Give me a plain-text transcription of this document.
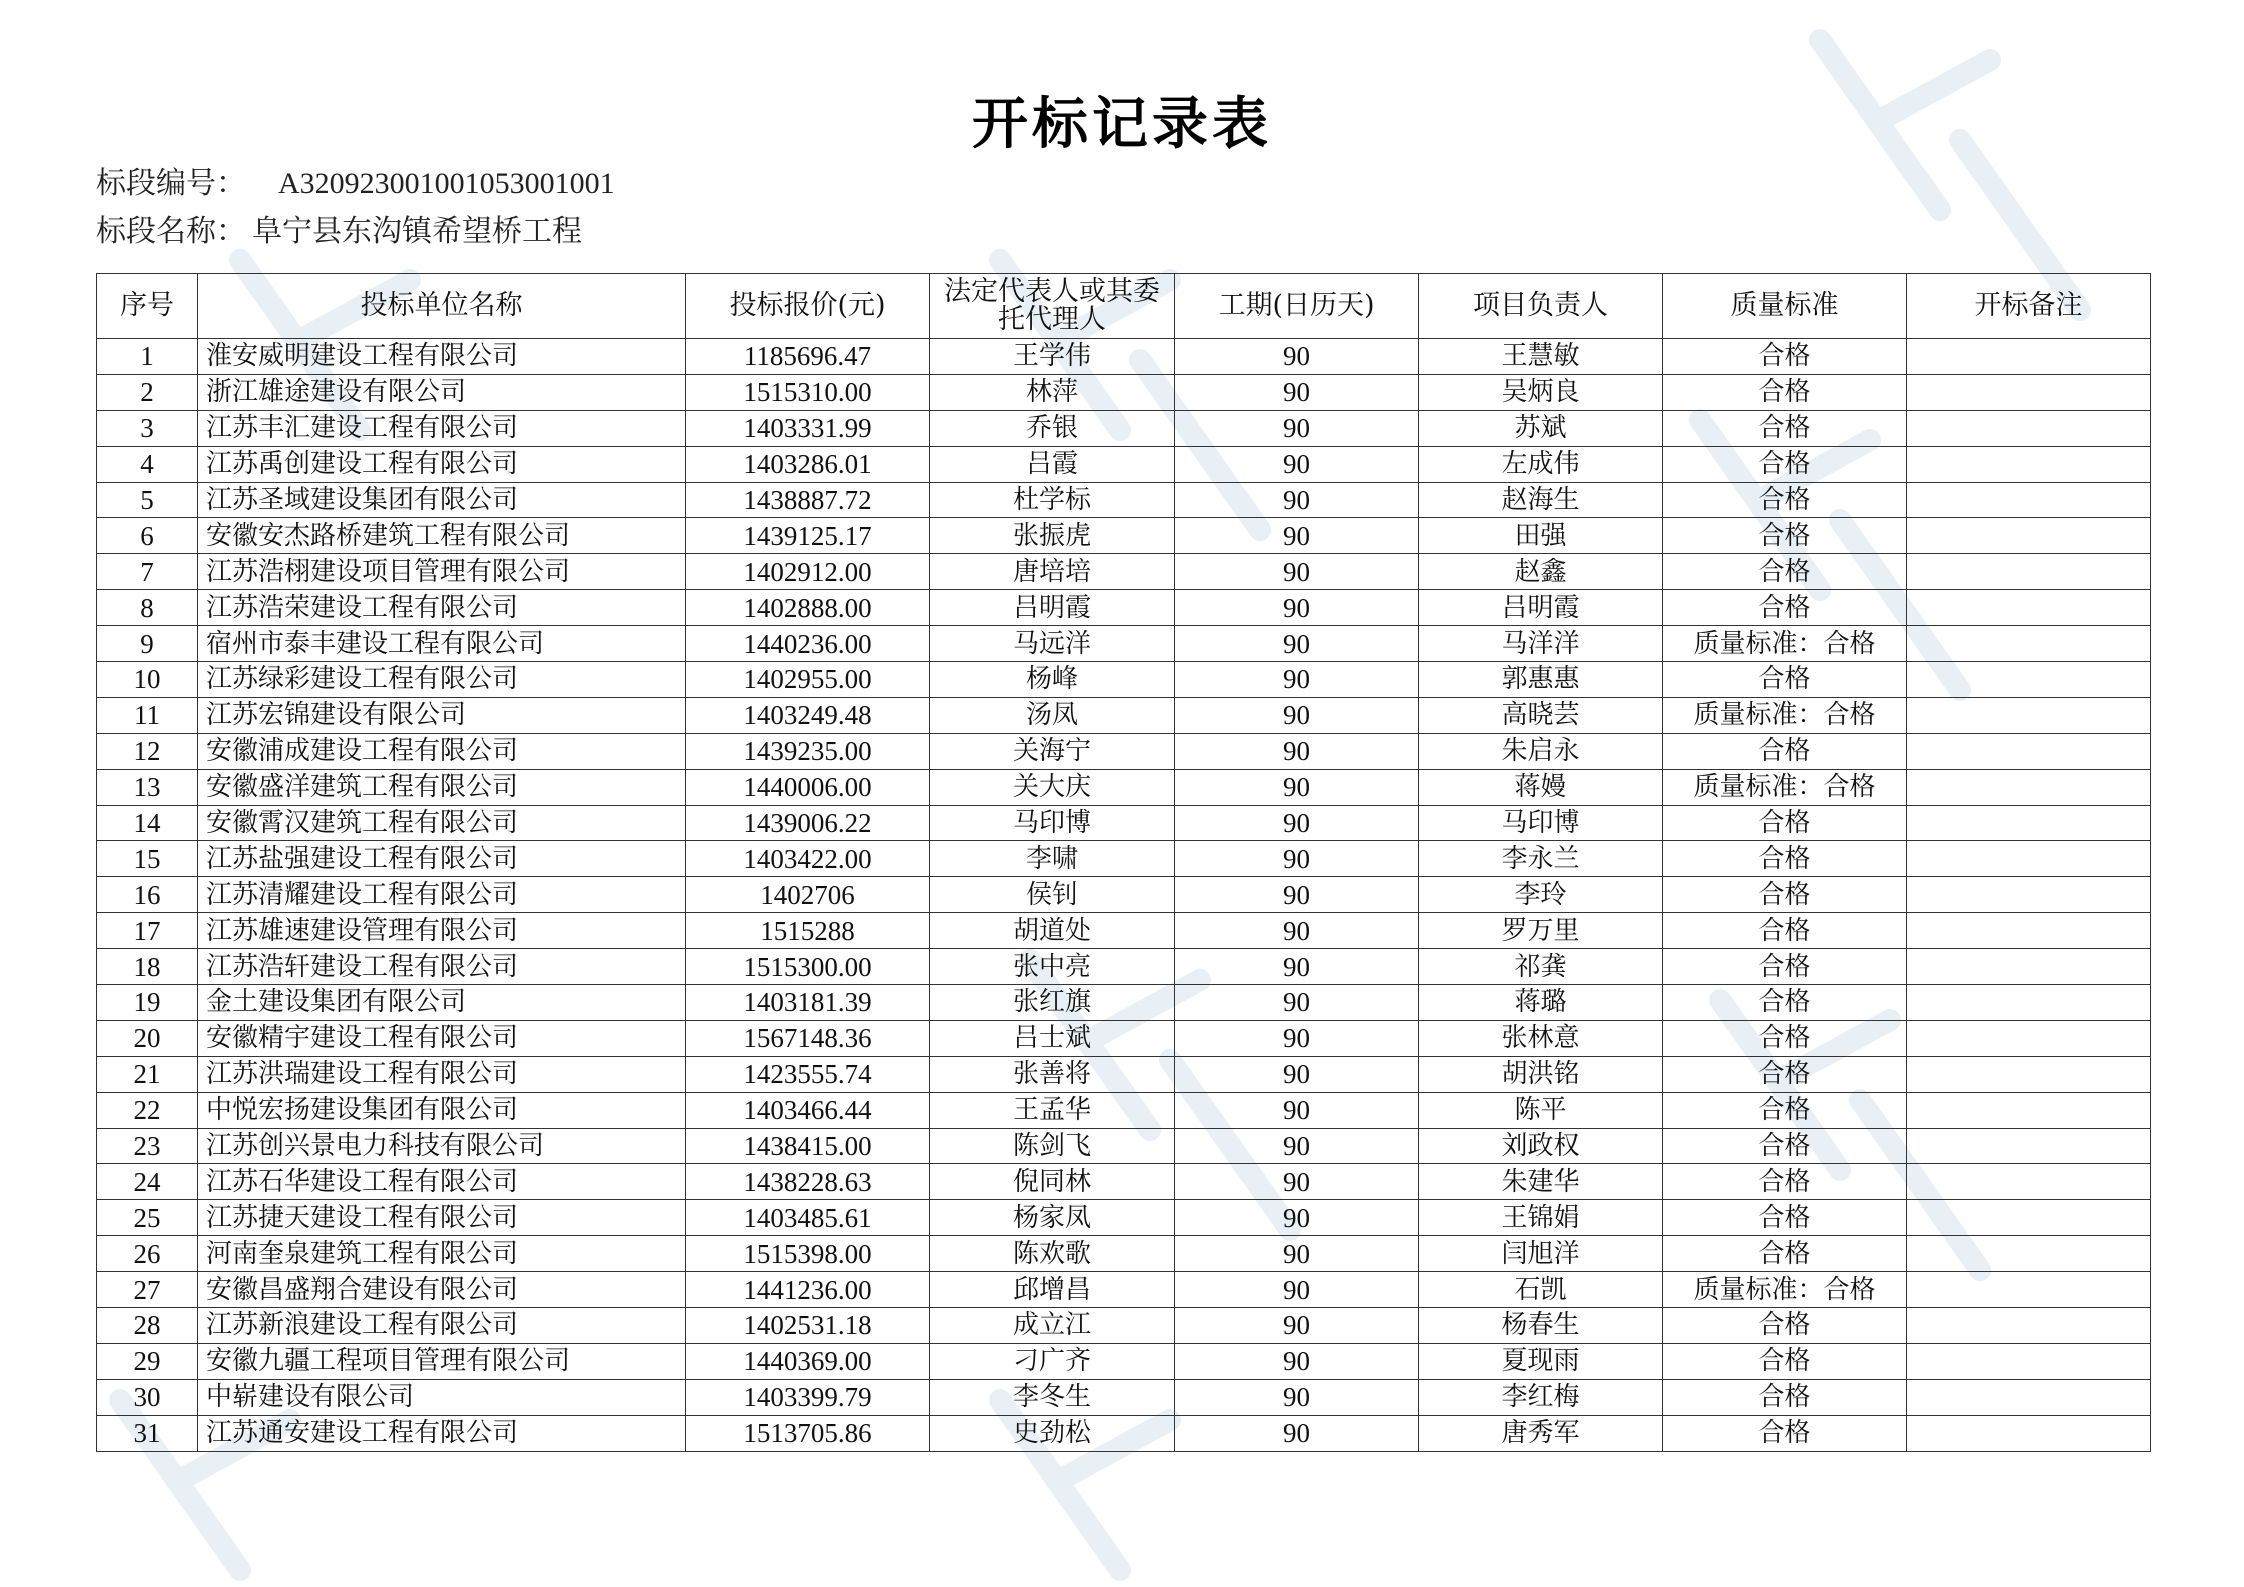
开标记录表
标段编号： A320923001001053001001
标段名称： 阜宁县东沟镇希望桥工程
序号	投标单位名称	投标报价(元)	法定代表人或其委托代理人	工期(日历天)	项目负责人	质量标准	开标备注
1	淮安威明建设工程有限公司	1185696.47	王学伟	90	王慧敏	合格	
2	浙江雄途建设有限公司	1515310.00	林萍	90	吴炳良	合格	
3	江苏丰汇建设工程有限公司	1403331.99	乔银	90	苏斌	合格	
4	江苏禹创建设工程有限公司	1403286.01	吕霞	90	左成伟	合格	
5	江苏圣域建设集团有限公司	1438887.72	杜学标	90	赵海生	合格	
6	安徽安杰路桥建筑工程有限公司	1439125.17	张振虎	90	田强	合格	
7	江苏浩栩建设项目管理有限公司	1402912.00	唐培培	90	赵鑫	合格	
8	江苏浩荣建设工程有限公司	1402888.00	吕明霞	90	吕明霞	合格	
9	宿州市泰丰建设工程有限公司	1440236.00	马远洋	90	马洋洋	质量标准：合格	
10	江苏绿彩建设工程有限公司	1402955.00	杨峰	90	郭惠惠	合格	
11	江苏宏锦建设有限公司	1403249.48	汤凤	90	高晓芸	质量标准：合格	
12	安徽浦成建设工程有限公司	1439235.00	关海宁	90	朱启永	合格	
13	安徽盛洋建筑工程有限公司	1440006.00	关大庆	90	蒋嫚	质量标准：合格	
14	安徽霄汉建筑工程有限公司	1439006.22	马印博	90	马印博	合格	
15	江苏盐强建设工程有限公司	1403422.00	李啸	90	李永兰	合格	
16	江苏清耀建设工程有限公司	1402706	侯钊	90	李玲	合格	
17	江苏雄速建设管理有限公司	1515288	胡道处	90	罗万里	合格	
18	江苏浩轩建设工程有限公司	1515300.00	张中亮	90	祁龚	合格	
19	金土建设集团有限公司	1403181.39	张红旗	90	蒋璐	合格	
20	安徽精宇建设工程有限公司	1567148.36	吕士斌	90	张林意	合格	
21	江苏洪瑞建设工程有限公司	1423555.74	张善将	90	胡洪铭	合格	
22	中悦宏扬建设集团有限公司	1403466.44	王孟华	90	陈平	合格	
23	江苏创兴景电力科技有限公司	1438415.00	陈剑飞	90	刘政权	合格	
24	江苏石华建设工程有限公司	1438228.63	倪同林	90	朱建华	合格	
25	江苏捷天建设工程有限公司	1403485.61	杨家凤	90	王锦娟	合格	
26	河南奎泉建筑工程有限公司	1515398.00	陈欢歌	90	闫旭洋	合格	
27	安徽昌盛翔合建设有限公司	1441236.00	邱增昌	90	石凯	质量标准：合格	
28	江苏新浪建设工程有限公司	1402531.18	成立江	90	杨春生	合格	
29	安徽九疆工程项目管理有限公司	1440369.00	刁广齐	90	夏现雨	合格	
30	中崭建设有限公司	1403399.79	李冬生	90	李红梅	合格	
31	江苏通安建设工程有限公司	1513705.86	史劲松	90	唐秀军	合格	
